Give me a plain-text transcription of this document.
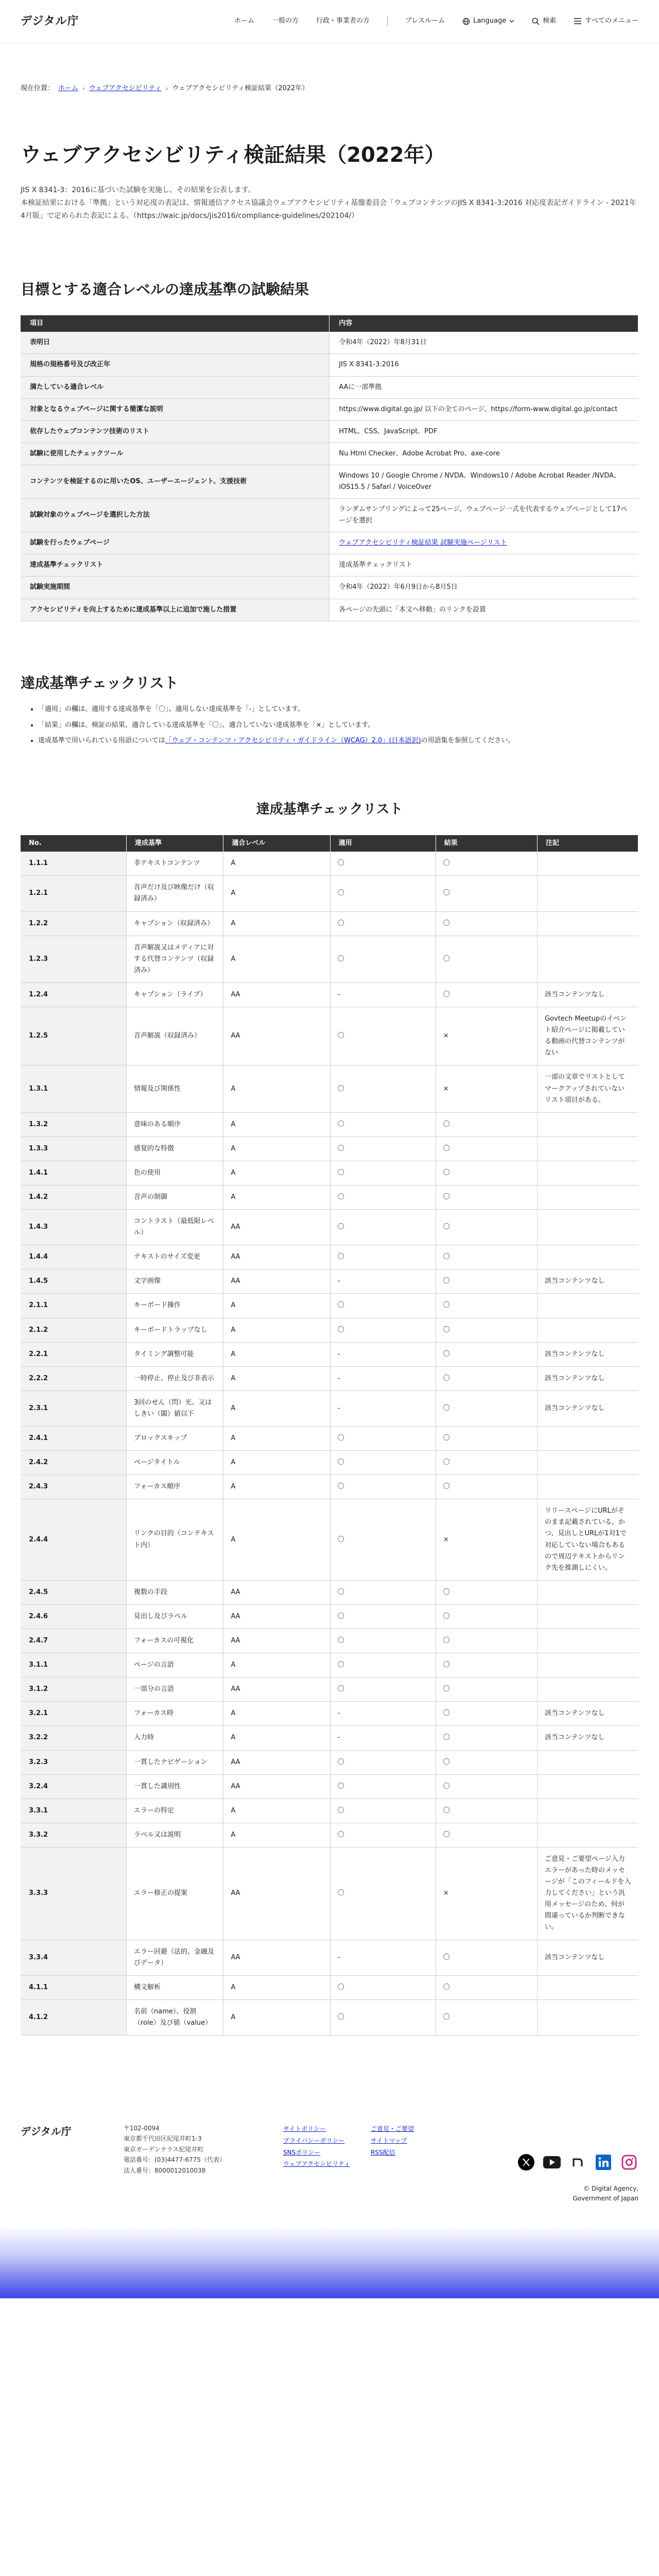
デジタル庁	ホーム	一般の方	行政・事業者の方	プレスルーム	Language	検索	すべてのメニュー
現在位置： ホーム › ウェブアクセシビリティ › ウェブアクセシビリティ検証結果（2022年）
ウェブアクセシビリティ検証結果（2022年）

JIS X 8341-3：2016に基づいた試験を実施し、その結果を公表します。

本検証結果における「準拠」という対応度の表記は、情報通信アクセス協議会ウェブアクセシビリティ基盤委員会「ウェブコンテンツのJIS X 8341-3:2016 対応度表記ガイドライン - 2021年4月版」で定められた表記による。（https://waic.jp/docs/jis2016/compliance-guidelines/202104/）

目標とする適合レベルの達成基準の試験結果
項目	内容
表明日	令和4年（2022）年8月31日
規格の規格番号及び改正年	JIS X 8341-3:2016
満たしている適合レベル	AAに一部準拠
対象となるウェブページに関する簡潔な説明	https://www.digital.go.jp/ 以下の全てのページ、https://form-www.digital.go.jp/contact
依存したウェブコンテンツ技術のリスト	HTML、CSS、JavaScript、PDF
試験に使用したチェックツール	Nu Html Checker、Adobe Acrobat Pro、axe-core
コンテンツを検証するのに用いたOS、ユーザーエージェント、支援技術	Windows 10 / Google Chrome / NVDA、Windows10 / Adobe Acrobat Reader /NVDA、iOS15.5 / Safari / VoiceOver
試験対象のウェブページを選択した方法	ランダムサンプリングによって25ページ、ウェブページ一式を代表するウェブページとして17ページを選択
試験を行ったウェブページ	ウェブアクセシビリティ検証結果 試験実施ページリスト
達成基準チェックリスト	達成基準チェックリスト
試験実施期間	令和4年（2022）年6月9日から8月5日
アクセシビリティを向上するために達成基準以上に追加で施した措置	各ページの先頭に「本文へ移動」のリンクを設置
達成基準チェックリスト
• 「適用」の欄は、適用する達成基準を「〇」、適用しない達成基準を「-」としています。
• 「結果」の欄は、検証の結果、適合している達成基準を「〇」、適合していない達成基準を「×」としています。
• 達成基準で用いられている用語については「ウェブ・コンテンツ・アクセシビリティ・ガイドライン（WCAG）2.0」(日本語訳)の用語集を参照してください。
達成基準チェックリスト
No.	達成基準	適合レベル	適用	結果	注記
1.1.1	非テキストコンテンツ	A	〇	〇	
1.2.1	音声だけ及び映像だけ（収録済み）	A	〇	〇	
1.2.2	キャプション（収録済み）	A	〇	〇	
1.2.3	音声解説又はメディアに対する代替コンテンツ（収録済み）	A	〇	〇	
1.2.4	キャプション（ライブ）	AA	-	〇	該当コンテンツなし
1.2.5	音声解説（収録済み）	AA	〇	×	Govtech Meetupのイベント紹介ページに掲載している動画の代替コンテンツがない
1.3.1	情報及び関係性	A	〇	×	一部の文章でリストとしてマークアップされていないリスト項目がある。
1.3.2	意味のある順序	A	〇	〇	
1.3.3	感覚的な特徴	A	〇	〇	
1.4.1	色の使用	A	〇	〇	
1.4.2	音声の制御	A	〇	〇	
1.4.3	コントラスト（最低限レベル）	AA	〇	〇	
1.4.4	テキストのサイズ変更	AA	〇	〇	
1.4.5	文字画像	AA	-	〇	該当コンテンツなし
2.1.1	キーボード操作	A	〇	〇	
2.1.2	キーボードトラップなし	A	〇	〇	
2.2.1	タイミング調整可能	A	-	〇	該当コンテンツなし
2.2.2	一時停止、停止及び非表示	A	-	〇	該当コンテンツなし
2.3.1	3回のせん（閃）光、又はしきい（閾）値以下	A	-	〇	該当コンテンツなし
2.4.1	ブロックスキップ	A	〇	〇	
2.4.2	ページタイトル	A	〇	〇	
2.4.3	フォーカス順序	A	〇	〇	
2.4.4	リンクの目的（コンテキスト内）	A	〇	×	リリースページにURLがそのまま記載されている。かつ、見出しとURLが1対1で対応していない場合もあるので周辺テキストからリンク先を推測しにくい。
2.4.5	複数の手段	AA	〇	〇	
2.4.6	見出し及びラベル	AA	〇	〇	
2.4.7	フォーカスの可視化	AA	〇	〇	
3.1.1	ページの言語	A	〇	〇	
3.1.2	一部分の言語	AA	〇	〇	
3.2.1	フォーカス時	A	-	〇	該当コンテンツなし
3.2.2	入力時	A	-	〇	該当コンテンツなし
3.2.3	一貫したナビゲーション	AA	〇	〇	
3.2.4	一貫した識別性	AA	〇	〇	
3.3.1	エラーの特定	A	〇	〇	
3.3.2	ラベル又は説明	A	〇	〇	
3.3.3	エラー修正の提案	AA	〇	×	ご意見・ご要望ページ入力エラーがあった時のメッセージが「このフィールドを入力してください」という汎用メッセージのため、何が間違っているか判断できない。
3.3.4	エラー回避（法的、金融及びデータ）	AA	-	〇	該当コンテンツなし
4.1.1	構文解析	A	〇	〇	
4.1.2	名前（name）、役割（role）及び値（value）	A	〇	〇	
デジタル庁	〒102-0094
東京都千代田区紀尾井町1-3
東京ガーデンテラス紀尾井町
電話番号：(03)4477-6775（代表）
法人番号：8000012010038
サイトポリシー
プライバシーポリシー
SNSポリシー
ウェブアクセシビリティ
ご意見・ご要望
サイトマップ
RSS配信
© Digital Agency,
Government of Japan
